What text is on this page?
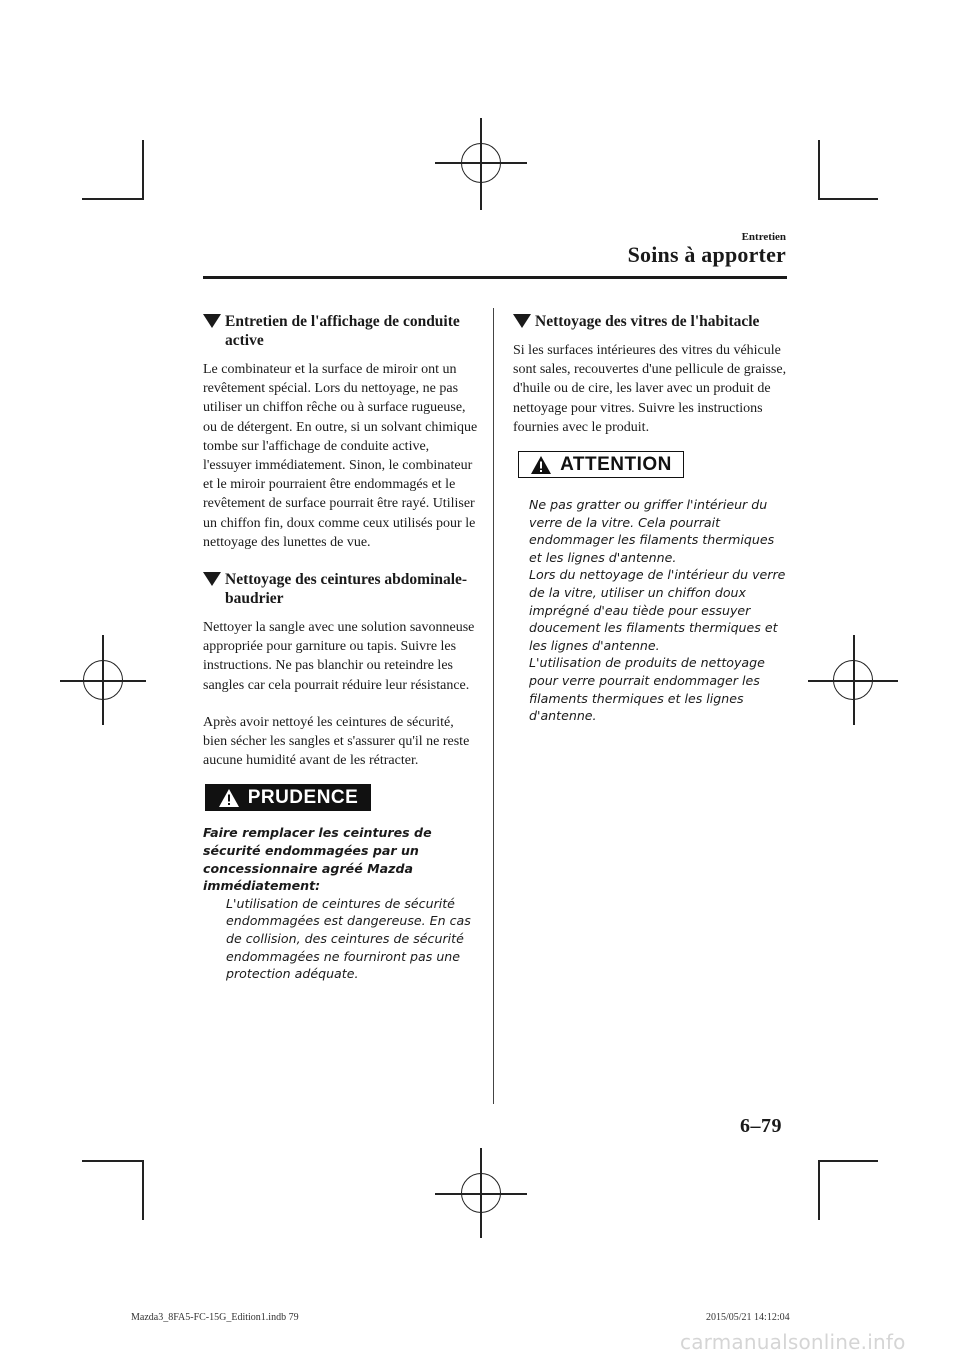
Entretien
Soins à apporter
Entretien de l'affichage de conduite active

Le combinateur et la surface de miroir ont un revêtement spécial. Lors du nettoyage, ne pas utiliser un chiffon rêche ou à surface rugueuse, ou de détergent. En outre, si un solvant chimique tombe sur l'affichage de conduite active, l'essuyer immédiatement. Sinon, le combinateur et le miroir pourraient être endommagés et le revêtement de surface pourrait être rayé. Utiliser un chiffon fin, doux comme ceux utilisés pour le nettoyage des lunettes de vue.

Nettoyage des ceintures abdominale-baudrier

Nettoyer la sangle avec une solution savonneuse appropriée pour garniture ou tapis. Suivre les instructions. Ne pas blanchir ou reteindre les sangles car cela pourrait réduire leur résistance.

Après avoir nettoyé les ceintures de sécurité, bien sécher les sangles et s'assurer qu'il ne reste aucune humidité avant de les rétracter.

PRUDENCE

Faire remplacer les ceintures de sécurité endommagées par un concessionnaire agréé Mazda immédiatement:

L'utilisation de ceintures de sécurité endommagées est dangereuse. En cas de collision, des ceintures de sécurité endommagées ne fourniront pas une protection adéquate.

Nettoyage des vitres de l'habitacle

Si les surfaces intérieures des vitres du véhicule sont sales, recouvertes d'une pellicule de graisse, d'huile ou de cire, les laver avec un produit de nettoyage pour vitres. Suivre les instructions fournies avec le produit.

ATTENTION

Ne pas gratter ou griffer l'intérieur du verre de la vitre. Cela pourrait endommager les filaments thermiques et les lignes d'antenne.

Lors du nettoyage de l'intérieur du verre de la vitre, utiliser un chiffon doux imprégné d'eau tiède pour essuyer doucement les filaments thermiques et les lignes d'antenne.

L'utilisation de produits de nettoyage pour verre pourrait endommager les filaments thermiques et les lignes d'antenne.

6–79
Mazda3_8FA5-FC-15G_Edition1.indb 79	2015/05/21 14:12:04
carmanualsonline.info
